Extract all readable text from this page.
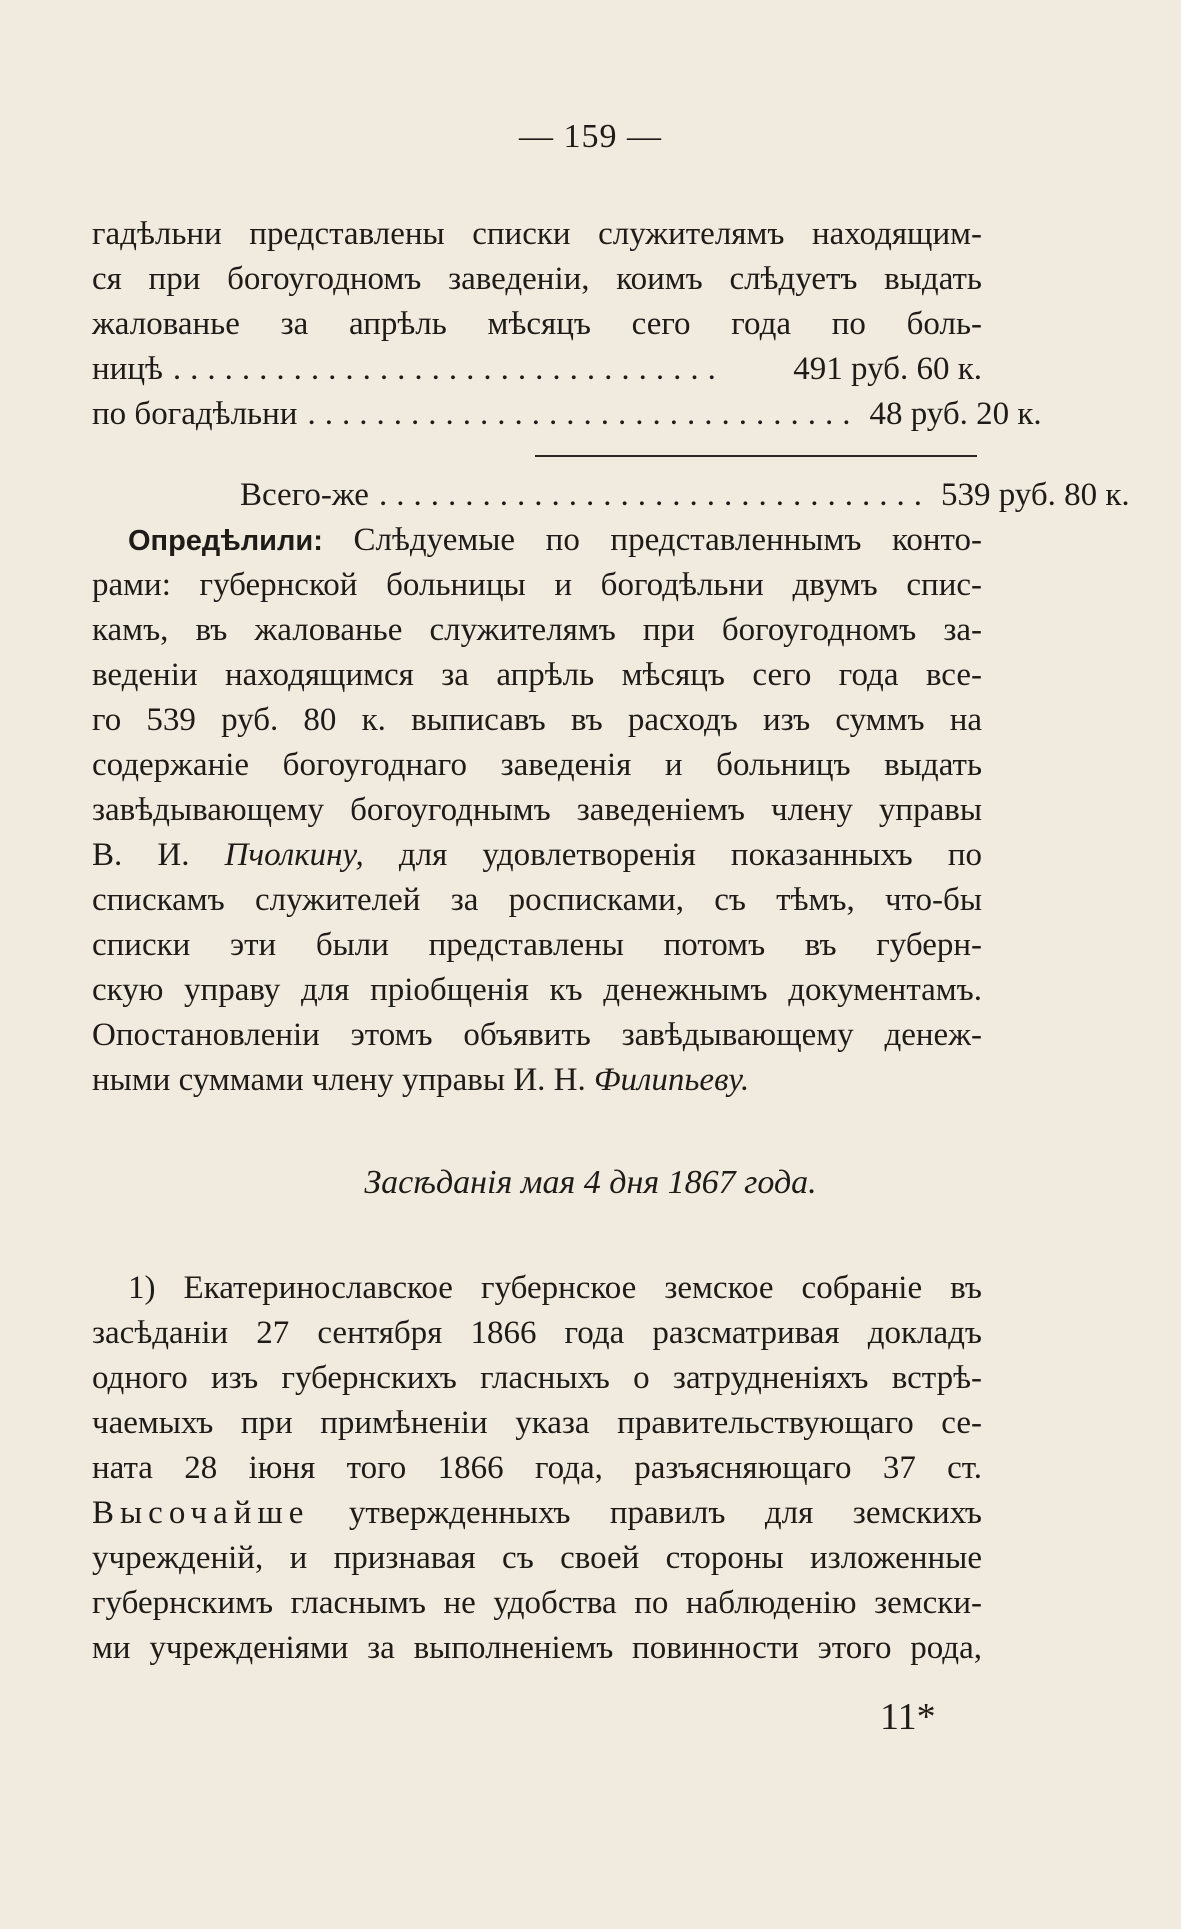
— 159 —
гадѣльни представлены списки служителямъ находящим-
ся при богоугодномъ заведеніи, коимъ слѣдуетъ выдать
жалованье за апрѣль мѣсяцъ сего года по боль-
ницѣ ................................	491 руб. 60 к.
по богадѣльни ................................ 48 руб. 20 к.
Всего-же ................................ 539 руб. 80 к.
Опредѣлили: Слѣдуемые по представленнымъ конто-
рами: губернской больницы и богодѣльни двумъ спис-
камъ, въ жалованье служителямъ при богоугодномъ за-
веденіи находящимся за апрѣль мѣсяцъ сего года все-
го 539 руб. 80 к. выписавъ въ расходъ изъ суммъ на
содержаніе богоугоднаго заведенія и больницъ выдать
завѣдывающему богоугоднымъ заведеніемъ члену управы
В. И. Пчолкину, для удовлетворенія показанныхъ по
спискамъ служителей за росписками, съ тѣмъ, что-бы
списки эти были представлены потомъ въ губерн-
скую управу для пріобщенія къ денежнымъ документамъ.
Опостановленіи этомъ объявить завѣдывающему денеж-
ными суммами члену управы И. Н. Филипьеву.
Засѣданія мая 4 дня 1867 года.
1) Екатеринославское губернское земское собраніе въ
засѣданіи 27 сентября 1866 года разсматривая докладъ
одного изъ губернскихъ гласныхъ о затрудненіяхъ встрѣ-
чаемыхъ при примѣненіи указа правительствующаго се-
ната 28 іюня того 1866 года, разъясняющаго 37 ст.
Высочайше утвержденныхъ правилъ для земскихъ
учрежденій, и признавая съ своей стороны изложенные
губернскимъ гласнымъ не удобства по наблюденію земски-
ми учрежденіями за выполненіемъ повинности этого рода,
11*
